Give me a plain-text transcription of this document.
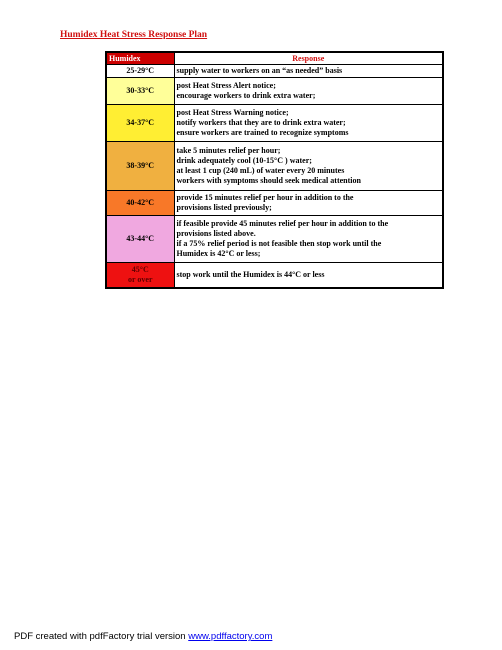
Humidex Heat Stress Response Plan
Humidex	Response
25-29°C	supply water to workers on an “as needed” basis

30-33°C	post Heat Stress Alert notice;
encourage workers to drink extra water;

34-37°C	post Heat Stress Warning notice;
notify workers that they are to drink extra water;
ensure workers are trained to recognize symptoms

38-39°C	take 5 minutes relief per hour;
drink adequately cool (10-15°C ) water;
at least 1 cup (240 mL) of water every 20 minutes
workers with symptoms should seek medical attention

40-42°C	provide 15 minutes relief per hour in addition to the
provisions listed previously;

43-44°C	if feasible provide 45 minutes relief per hour in addition to the
provisions listed above.
if a 75% relief period is not feasible then stop work until the
Humidex is 42°C or less;

45°C
or over	stop work until the Humidex is 44°C or less
PDF created with pdfFactory trial version www.pdffactory.com
